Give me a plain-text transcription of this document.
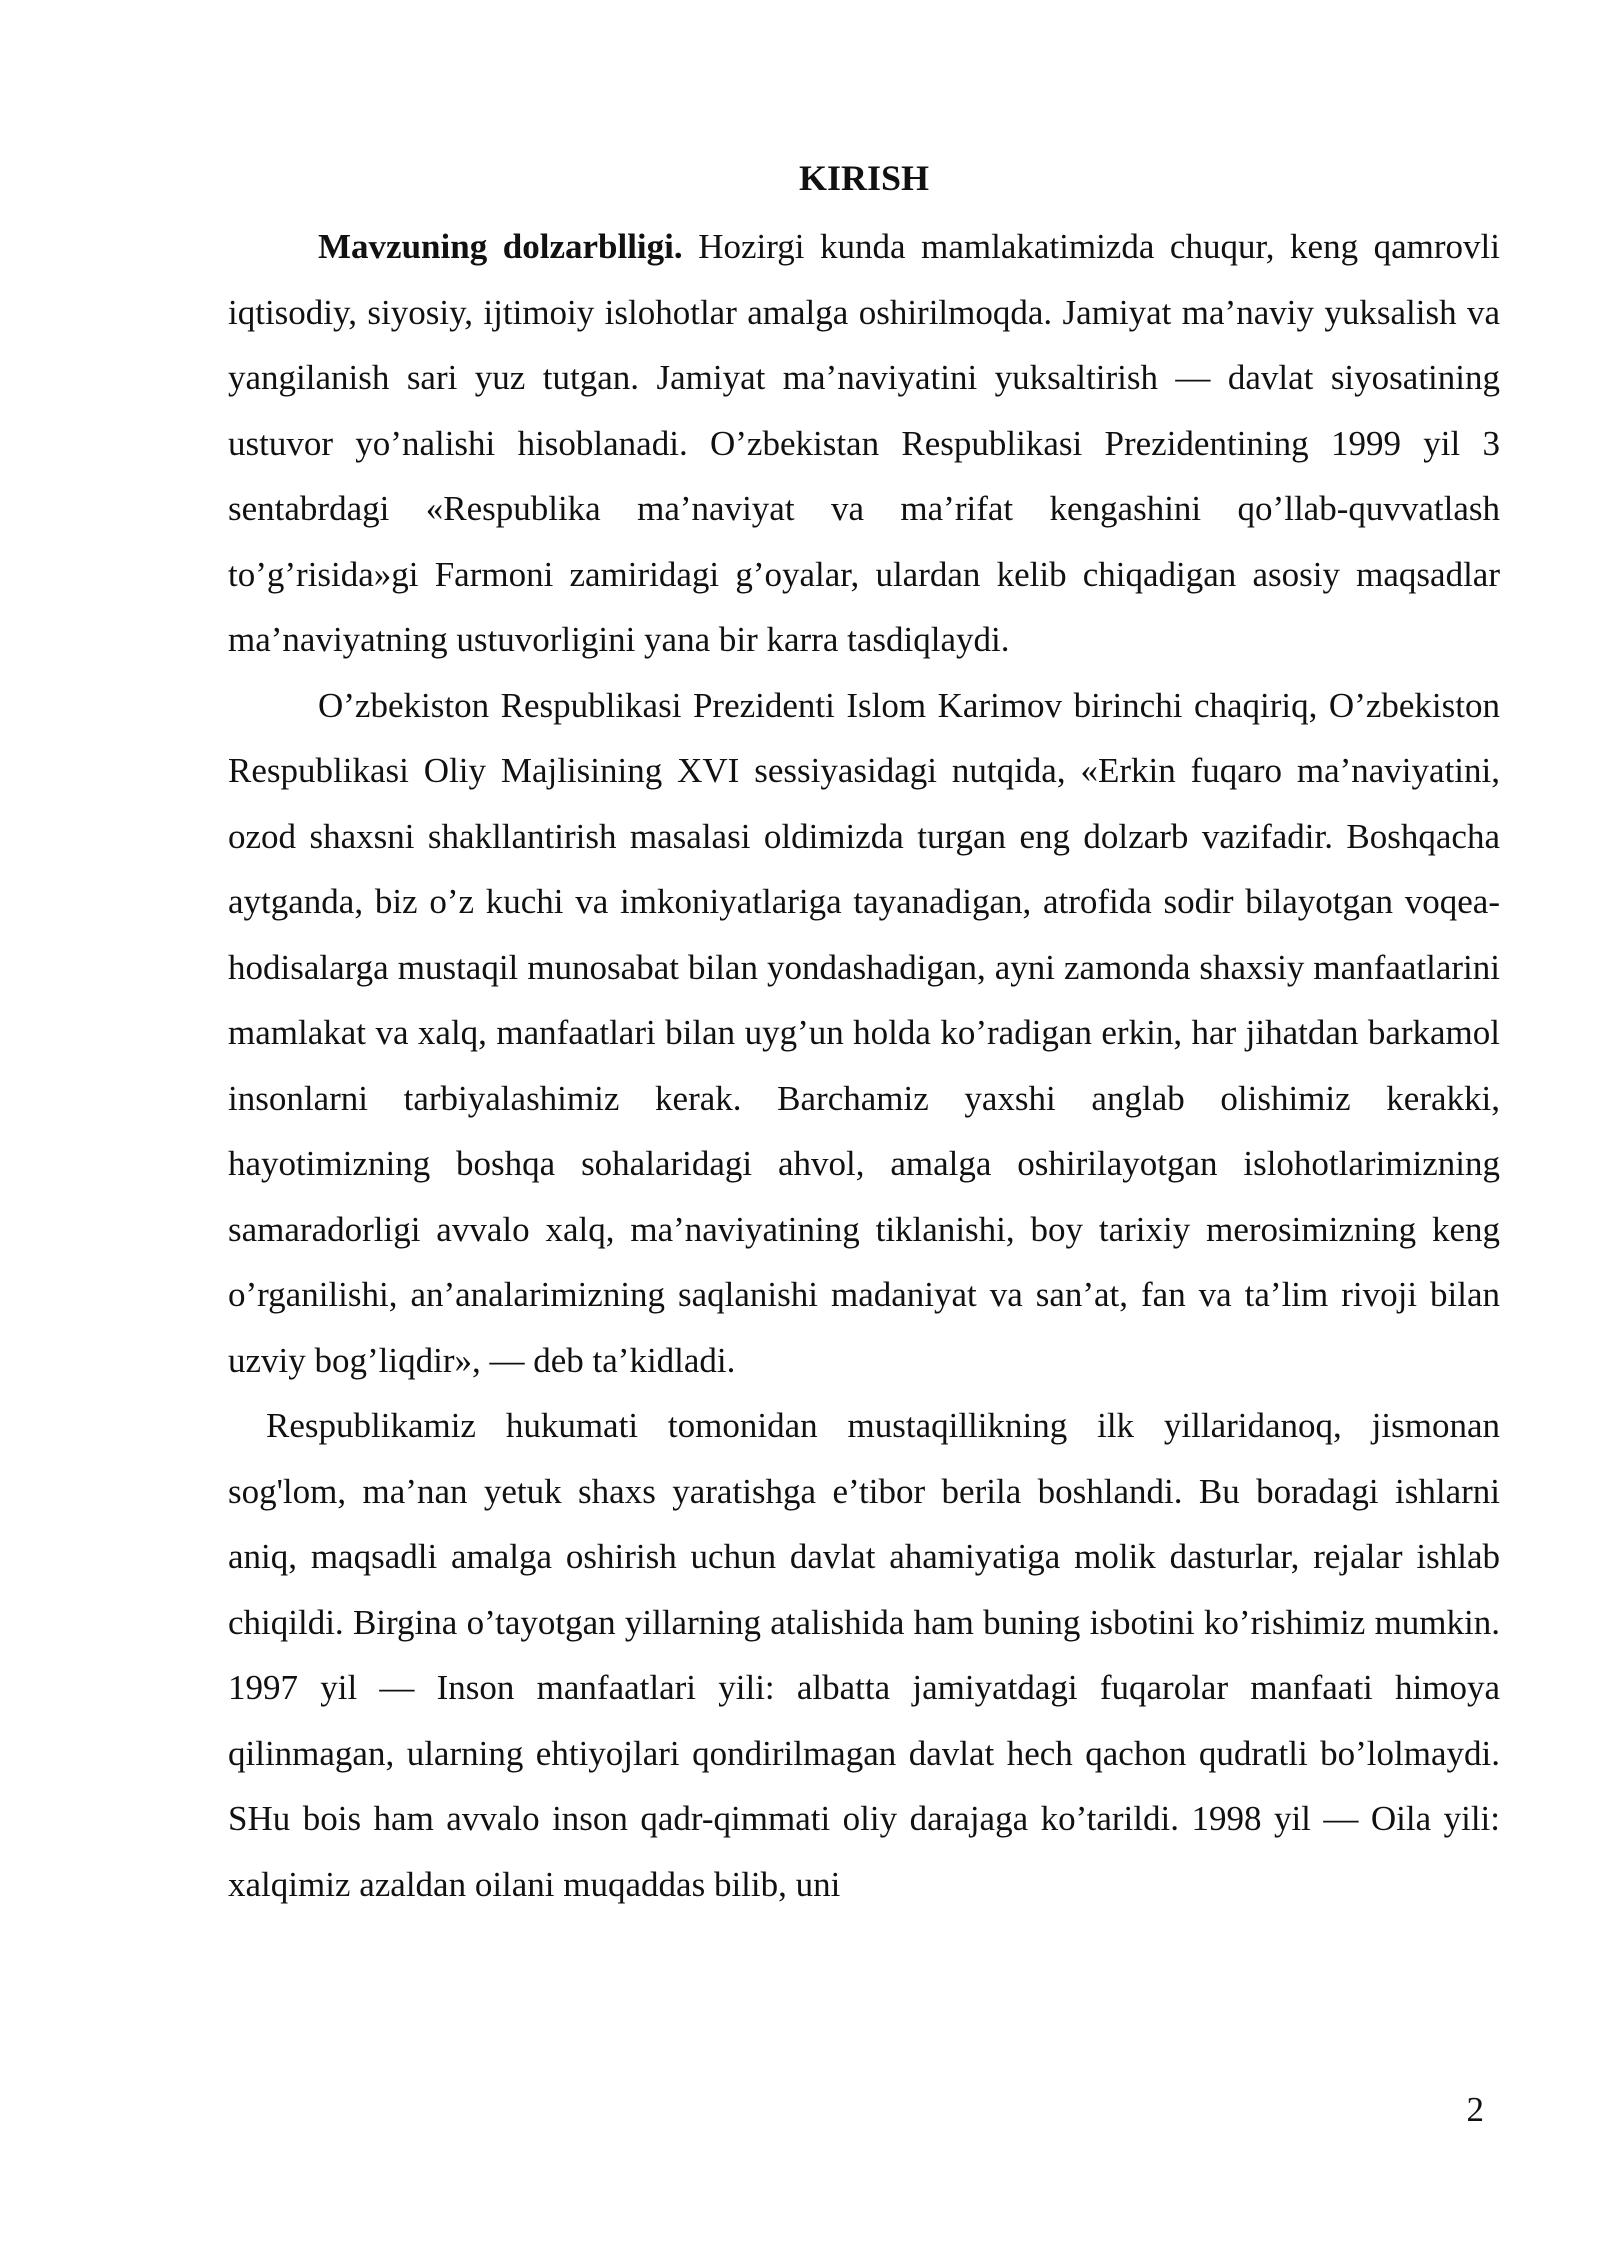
KIRISH

Mavzuning dolzarblligi. Hozirgi kunda mamlakatimizda chuqur, keng qamrovli iqtisodiy, siyosiy, ijtimoiy islohotlar amalga oshirilmoqda. Jamiyat ma’naviy yuksalish va yangilanish sari yuz tutgan. Jamiyat ma’naviyatini yuksaltirish — davlat siyosatining ustuvor yo’nalishi hisoblanadi. O’zbekistan Respublikasi Prezidentining 1999 yil 3 sentabrdagi «Respublika ma’naviyat va ma’rifat kengashini qo’llab-quvvatlash to’g’risida»gi Farmoni zamiridagi g’oyalar, ulardan kelib chiqadigan asosiy maqsadlar ma’naviyatning ustuvorligini yana bir karra tasdiqlaydi.

O’zbekiston Respublikasi Prezidenti Islom Karimov birinchi chaqiriq, O’zbekiston Respublikasi Oliy Majlisining XVI sessiyasidagi nutqida, «Erkin fuqaro ma’naviyatini, ozod shaxsni shakllantirish masalasi oldimizda turgan eng dolzarb vazifadir. Boshqacha aytganda, biz o’z kuchi va imkoniyatlariga tayanadigan, atrofida sodir bilayotgan voqea-hodisalarga mustaqil munosabat bilan yondashadigan, ayni zamonda shaxsiy manfaatlarini mamlakat va xalq, manfaatlari bilan uyg’un holda ko’radigan erkin, har jihatdan barkamol insonlarni tarbiyalashimiz kerak. Barchamiz yaxshi anglab olishimiz kerakki, hayotimizning boshqa sohalaridagi ahvol, amalga oshirilayotgan islohotlarimizning samaradorligi avvalo xalq, ma’naviyatining tiklanishi, boy tarixiy merosimizning keng o’rganilishi, an’analarimizning saqlanishi madaniyat va san’at, fan va ta’lim rivoji bilan uzviy bog’liqdir», — deb ta’kidladi.

Respublikamiz hukumati tomonidan mustaqillikning ilk yillaridanoq, jismonan sog'lom, ma’nan yetuk shaxs yaratishga e’tibor berila boshlandi. Bu boradagi ishlarni aniq, maqsadli amalga oshirish uchun davlat ahamiyatiga molik dasturlar, rejalar ishlab chiqildi. Birgina o’tayotgan yillarning atalishida ham buning isbotini ko’rishimiz mumkin. 1997 yil — Inson manfaatlari yili: albatta jamiyatdagi fuqarolar manfaati himoya qilinmagan, ularning ehtiyojlari qondirilmagan davlat hech qachon qudratli bo’lolmaydi. SHu bois ham avvalo inson qadr-qimmati oliy darajaga ko’tarildi. 1998 yil — Oila yili: xalqimiz azaldan oilani muqaddas bilib, uni

2
